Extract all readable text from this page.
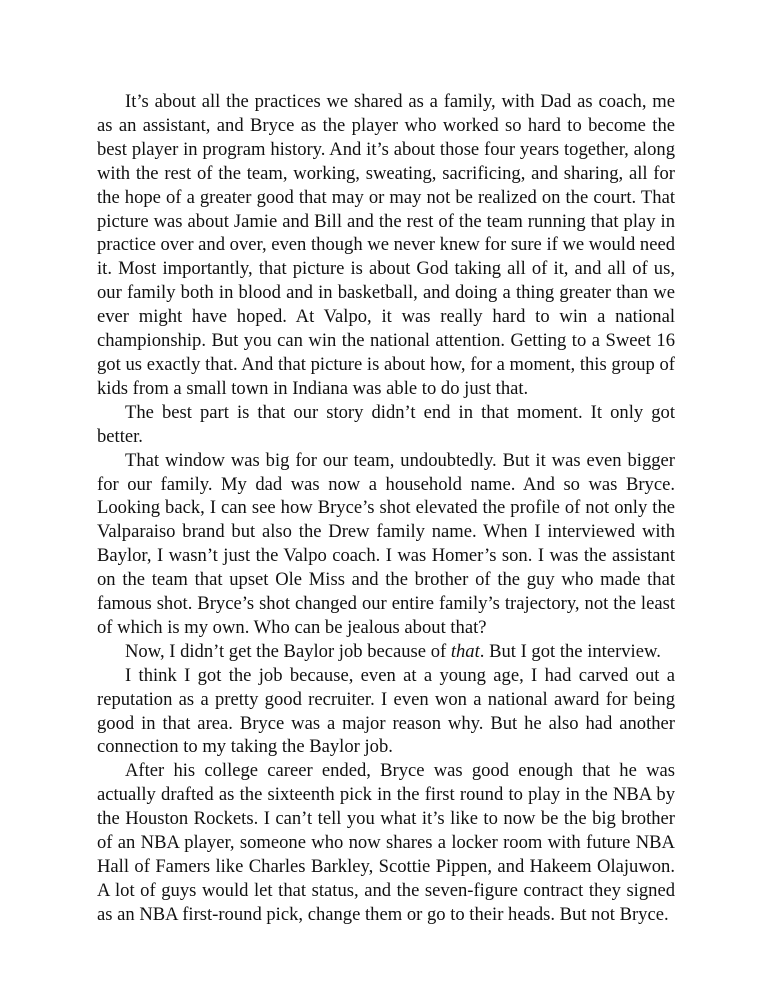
It’s about all the practices we shared as a family, with Dad as coach, me as an assistant, and Bryce as the player who worked so hard to become the best player in program history. And it’s about those four years together, along with the rest of the team, working, sweating, sacrificing, and sharing, all for the hope of a greater good that may or may not be realized on the court. That picture was about Jamie and Bill and the rest of the team running that play in practice over and over, even though we never knew for sure if we would need it. Most importantly, that picture is about God taking all of it, and all of us, our family both in blood and in basketball, and doing a thing greater than we ever might have hoped. At Valpo, it was really hard to win a national championship. But you can win the national attention. Getting to a Sweet 16 got us exactly that. And that picture is about how, for a moment, this group of kids from a small town in Indiana was able to do just that.

The best part is that our story didn’t end in that moment. It only got better.

That window was big for our team, undoubtedly. But it was even bigger for our family. My dad was now a household name. And so was Bryce. Looking back, I can see how Bryce’s shot elevated the profile of not only the Valparaiso brand but also the Drew family name. When I interviewed with Baylor, I wasn’t just the Valpo coach. I was Homer’s son. I was the assistant on the team that upset Ole Miss and the brother of the guy who made that famous shot. Bryce’s shot changed our entire family’s trajectory, not the least of which is my own. Who can be jealous about that?

Now, I didn’t get the Baylor job because of that. But I got the interview.

I think I got the job because, even at a young age, I had carved out a reputation as a pretty good recruiter. I even won a national award for being good in that area. Bryce was a major reason why. But he also had another connection to my taking the Baylor job.

After his college career ended, Bryce was good enough that he was actually drafted as the sixteenth pick in the first round to play in the NBA by the Houston Rockets. I can’t tell you what it’s like to now be the big brother of an NBA player, someone who now shares a locker room with future NBA Hall of Famers like Charles Barkley, Scottie Pippen, and Hakeem Olajuwon. A lot of guys would let that status, and the seven-figure contract they signed as an NBA first-round pick, change them or go to their heads. But not Bryce.
